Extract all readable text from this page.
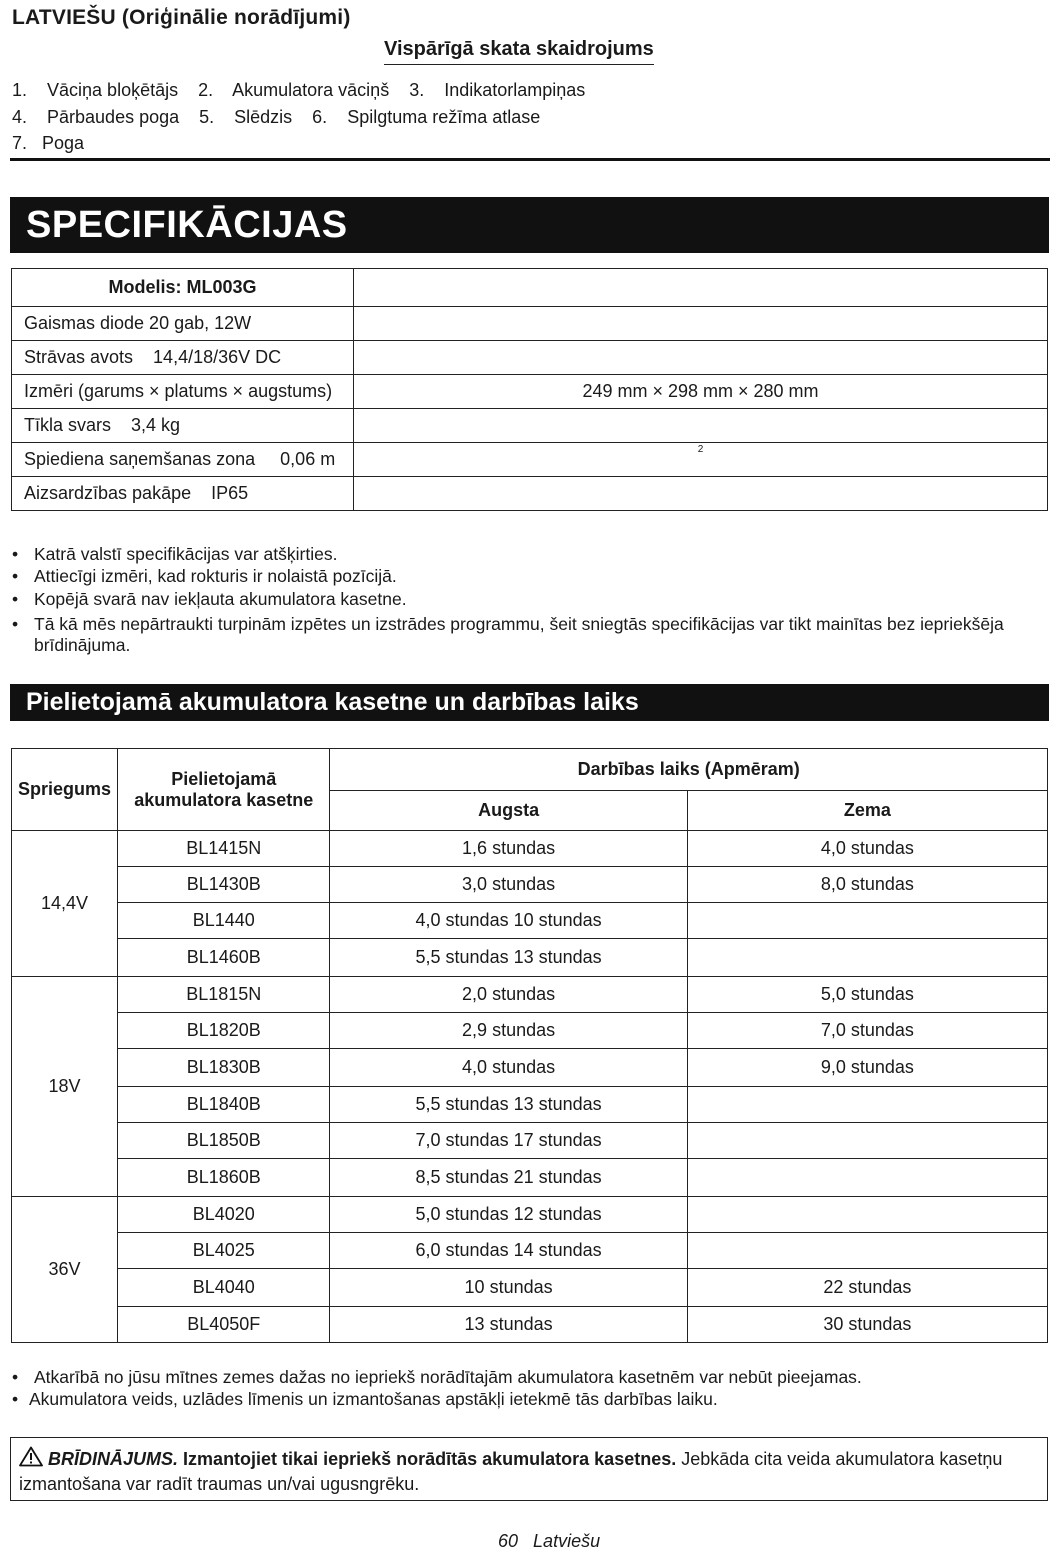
LATVIEŠU (Oriģinālie norādījumi)
Vispārīgā skata skaidrojums
1.    Vāciņa bloķētājs    2.    Akumulatora vāciņš    3.    Indikatorlampiņas
4.    Pārbaudes poga    5.    Slēdzis    6.    Spilgtuma režīma atlase
7.   Poga
SPECIFIKĀCIJAS
Modelis: ML003G	
Gaismas diode 20 gab, 12W	
Strāvas avots    14,4/18/36V DC	
Izmēri (garums × platums × augstums)	249 mm × 298 mm × 280 mm
Tīkla svars    3,4 kg	
Spiediena saņemšanas zona     0,06 m	$^2$
Aizsardzības pakāpe    IP65	
• Katrā valstī specifikācijas var atšķirties.
• Attiecīgi izmēri, kad rokturis ir nolaistā pozīcijā.
• Kopējā svarā nav iekļauta akumulatora kasetne.
• Tā kā mēs nepārtraukti turpinām izpētes un izstrādes programmu, šeit sniegtās specifikācijas var tikt mainītas bez iepriekšēja brīdinājuma.
Pielietojamā akumulatora kasetne un darbības laiks
Spriegums	Pielietojamā akumulatora kasetne	Darbības laiks (Apmēram)	
		Augsta	Zema
14,4V	BL1415N	1,6 stundas	4,0 stundas
	BL1430B	3,0 stundas	8,0 stundas
	BL1440	4,0 stundas 10 stundas	
	BL1460B	5,5 stundas 13 stundas	
18V	BL1815N	2,0 stundas	5,0 stundas
	BL1820B	2,9 stundas	7,0 stundas
	BL1830B	4,0 stundas	9,0 stundas
	BL1840B	5,5 stundas 13 stundas	
	BL1850B	7,0 stundas 17 stundas	
	BL1860B	8,5 stundas 21 stundas	
36V	BL4020	5,0 stundas 12 stundas	
	BL4025	6,0 stundas 14 stundas	
	BL4040	10 stundas	22 stundas
	BL4050F	13 stundas	30 stundas
• Atkarībā no jūsu mītnes zemes dažas no iepriekš norādītajām akumulatora kasetnēm var nebūt pieejamas.
• Akumulatora veids, uzlādes līmenis un izmantošanas apstākļi ietekmē tās darbības laiku.
BRĪDINĀJUMS. Izmantojiet tikai iepriekš norādītās akumulatora kasetnes. Jebkāda cita veida akumulatora kasetņu izmantošana var radīt traumas un/vai ugusngrēku.
60 Latviešu
